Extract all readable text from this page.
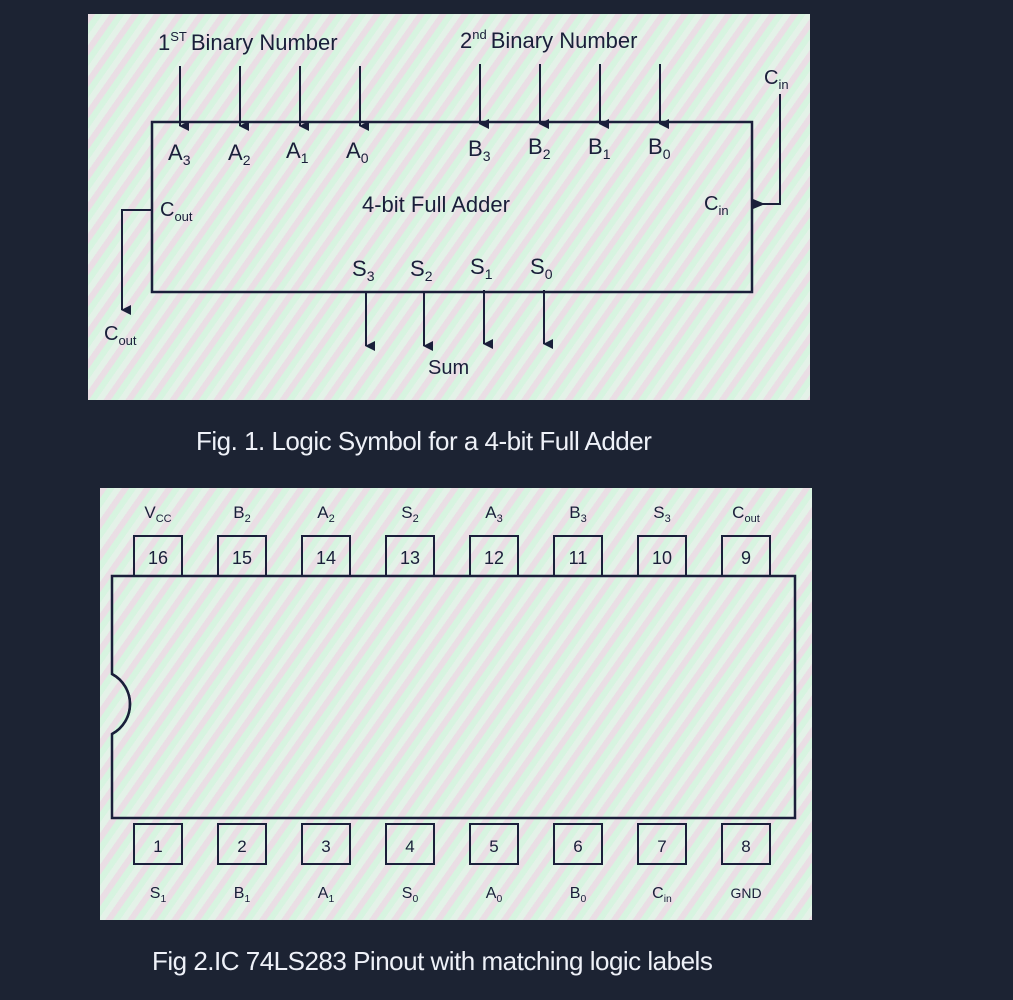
1ST Binary Number	2nd Binary Number
$A_3$ $A_2$ $A_1$ $A_0$	$B_3$ $B_2$ $B_1$ $B_0$
4-bit Full Adder
$C_{out}$
$C_{in}$
$C_{out}$
$C_{in}$
$S_3$ $S_2$ $S_1$ $S_0$
Sum
Fig. 1. Logic Symbol for a 4-bit Full Adder
16
$V_{CC}$
15
$B_2$
14
$A_2$
13
$S_2$
12
$A_3$
11
$B_3$
10
$S_3$
9
$C_{out}$
1
$S_1$
2
$B_1$
3
$A_1$
4
$S_0$
5
$A_0$
6
$B_0$
7
$C_{in}$
8
GND
Fig 2.IC 74LS283 Pinout with matching logic labels
